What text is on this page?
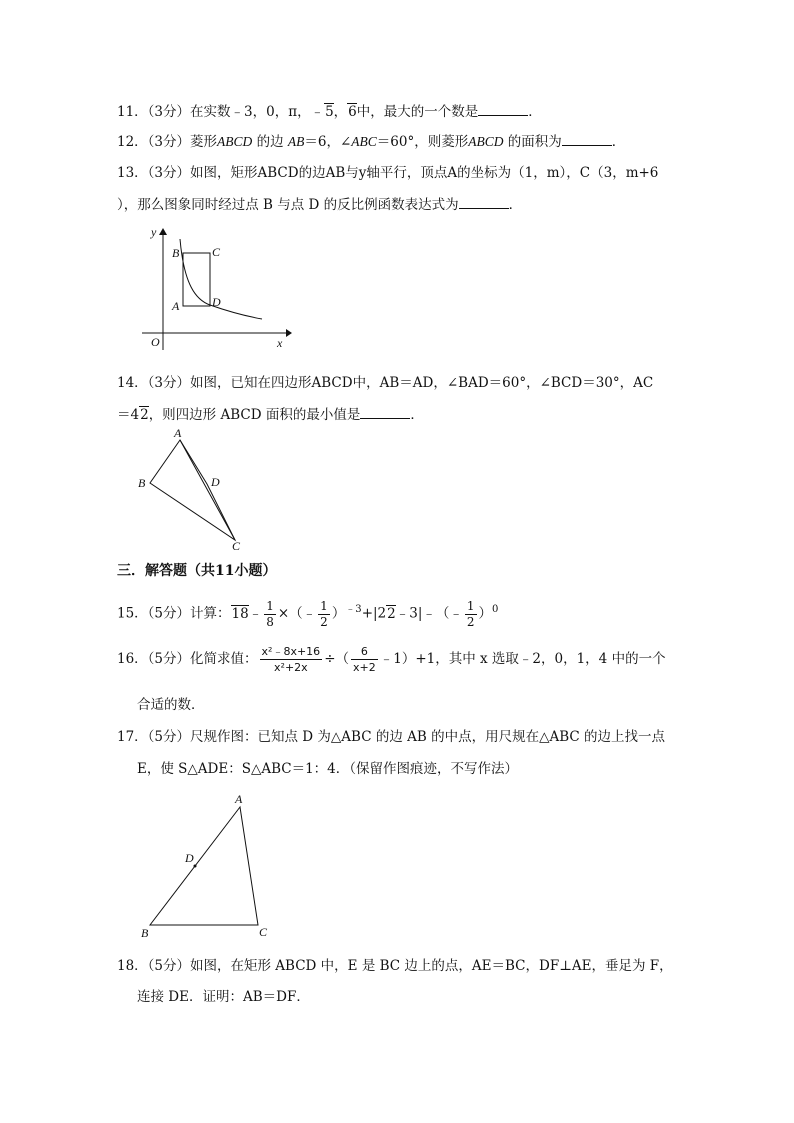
11．（3分）在实数﹣3，0，π，﹣5，6中，最大的一个数是	．
12．（3分）菱形ABCD 的边 AB＝6，∠ABC＝60°，则菱形ABCD 的面积为	．
13．（3分）如图，矩形ABCD的边AB与y轴平行，顶点A的坐标为（1，m），C（3，m+6
），那么图象同时经过点 B 与点 D 的反比例函数表达式为	．
y
x
O
B	C
A	D
14．（3分）如图，已知在四边形ABCD中，AB＝AD，∠BAD＝60°，∠BCD＝30°，AC
＝42，则四边形 ABCD 面积的最小值是	．
A
B	D
C
三．解答题（共11小题）
15．（5分）计算：18﹣ $\frac{1}{8}$ ×（﹣ $\frac{1}{2}$ ）$^{﹣3}$+|22﹣3|﹣（﹣ $\frac{1}{2} )^0$
16．（5分）化简求值： $\frac{\text{x²﹣8x+16}}{\text{x²+2x}}$ ÷（ $\frac{6}{x+2}$ ﹣1）+1，其中 x 选取﹣2，0，1，4 中的一个
合适的数．
17．（5分）尺规作图：已知点 D 为△ABC 的边 AB 的中点，用尺规在△ABC 的边上找一点
E，使 S△ADE：S△ABC＝1：4．（保留作图痕迹，不写作法）
A
D
B	C
18．（5分）如图，在矩形 ABCD 中，E 是 BC 边上的点，AE＝BC，DF⊥AE，垂足为 F，
连接 DE．证明：AB＝DF．
